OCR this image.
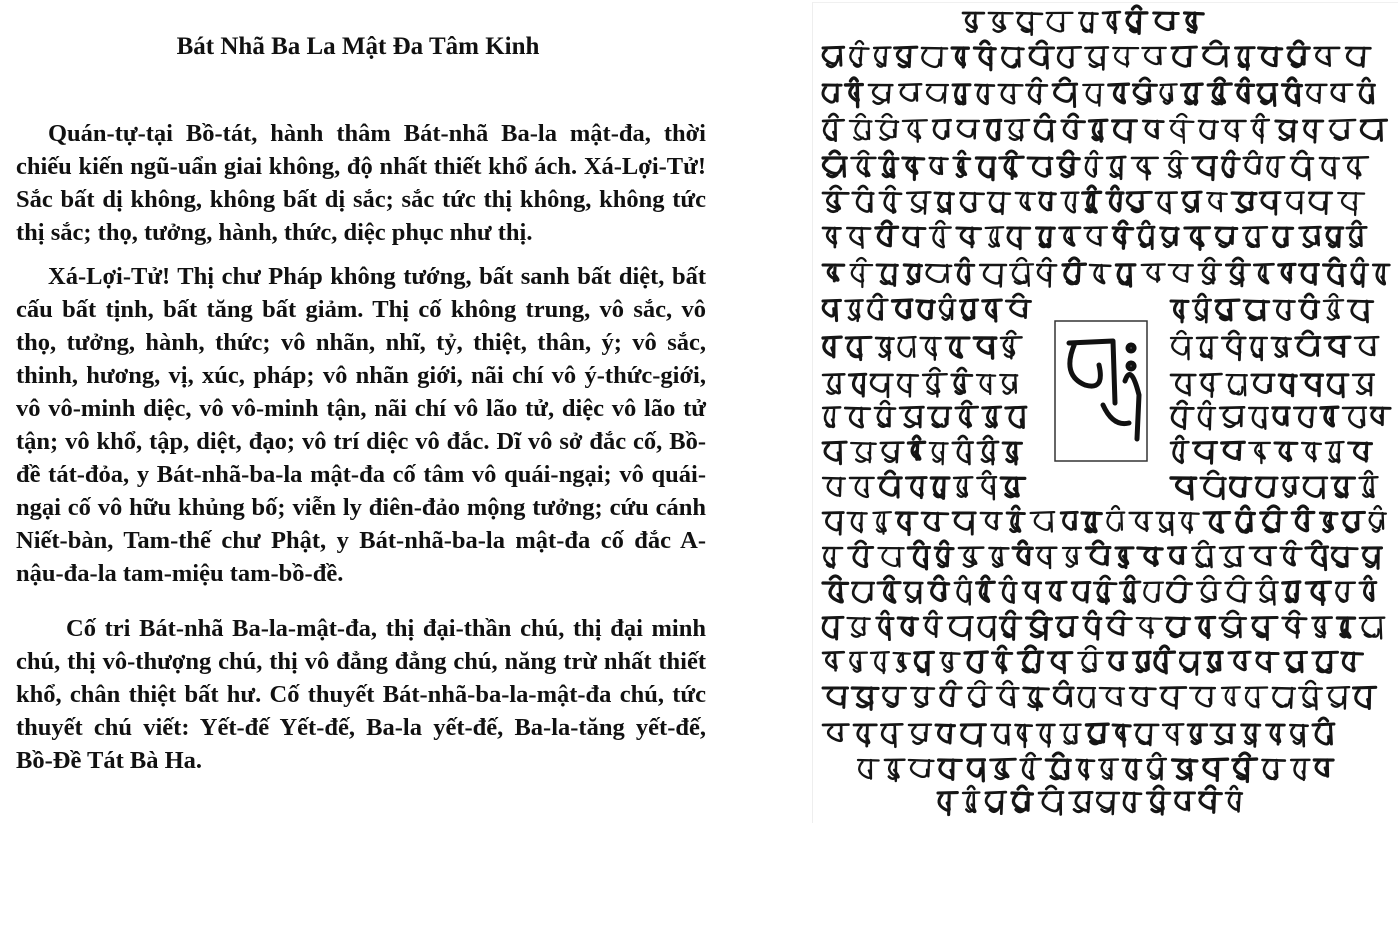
Bát Nhã Ba La Mật Đa Tâm Kinh

Quán-tự-tại Bồ-tát, hành thâm Bát-nhã Ba-la mật-đa, thời chiếu kiến ngũ-uẩn giai không, độ nhất thiết khổ ách. Xá-Lợi-Tử! Sắc bất dị không, không bất dị sắc; sắc tức thị không, không tức thị sắc; thọ, tưởng, hành, thức, diệc phục như thị.

Xá-Lợi-Tử! Thị chư Pháp không tướng, bất sanh bất diệt, bất cấu bất tịnh, bất tăng bất giảm. Thị cố không trung, vô sắc, vô thọ, tưởng, hành, thức; vô nhãn, nhĩ, tỷ, thiệt, thân, ý; vô sắc, thinh, hương, vị, xúc, pháp; vô nhãn giới, nãi chí vô ý-thức-giới, vô vô-minh diệc, vô vô-minh tận, nãi chí vô lão tử, diệc vô lão tử tận; vô khổ, tập, diệt, đạo; vô trí diệc vô đắc. Dĩ vô sở đắc cố, Bồ-đề tát-đỏa, y Bát-nhã-ba-la mật-đa cố tâm vô quái-ngại; vô quái-ngại cố vô hữu khủng bố; viễn ly điên-đảo mộng tưởng; cứu cánh Niết-bàn, Tam-thế chư Phật, y Bát-nhã-ba-la mật-đa cố đắc A-nậu-đa-la tam-miệu tam-bồ-đề.

Cố tri Bát-nhã Ba-la-mật-đa, thị đại-thần chú, thị đại minh chú, thị vô-thượng chú, thị vô đẳng đẳng chú, năng trừ nhất thiết khổ, chân thiệt bất hư. Cố thuyết Bát-nhã-ba-la-mật-đa chú, tức thuyết chú viết: Yết-đế Yết-đế, Ba-la yết-đế, Ba-la-tăng yết-đế, Bồ-Đề Tát Bà Ha.
